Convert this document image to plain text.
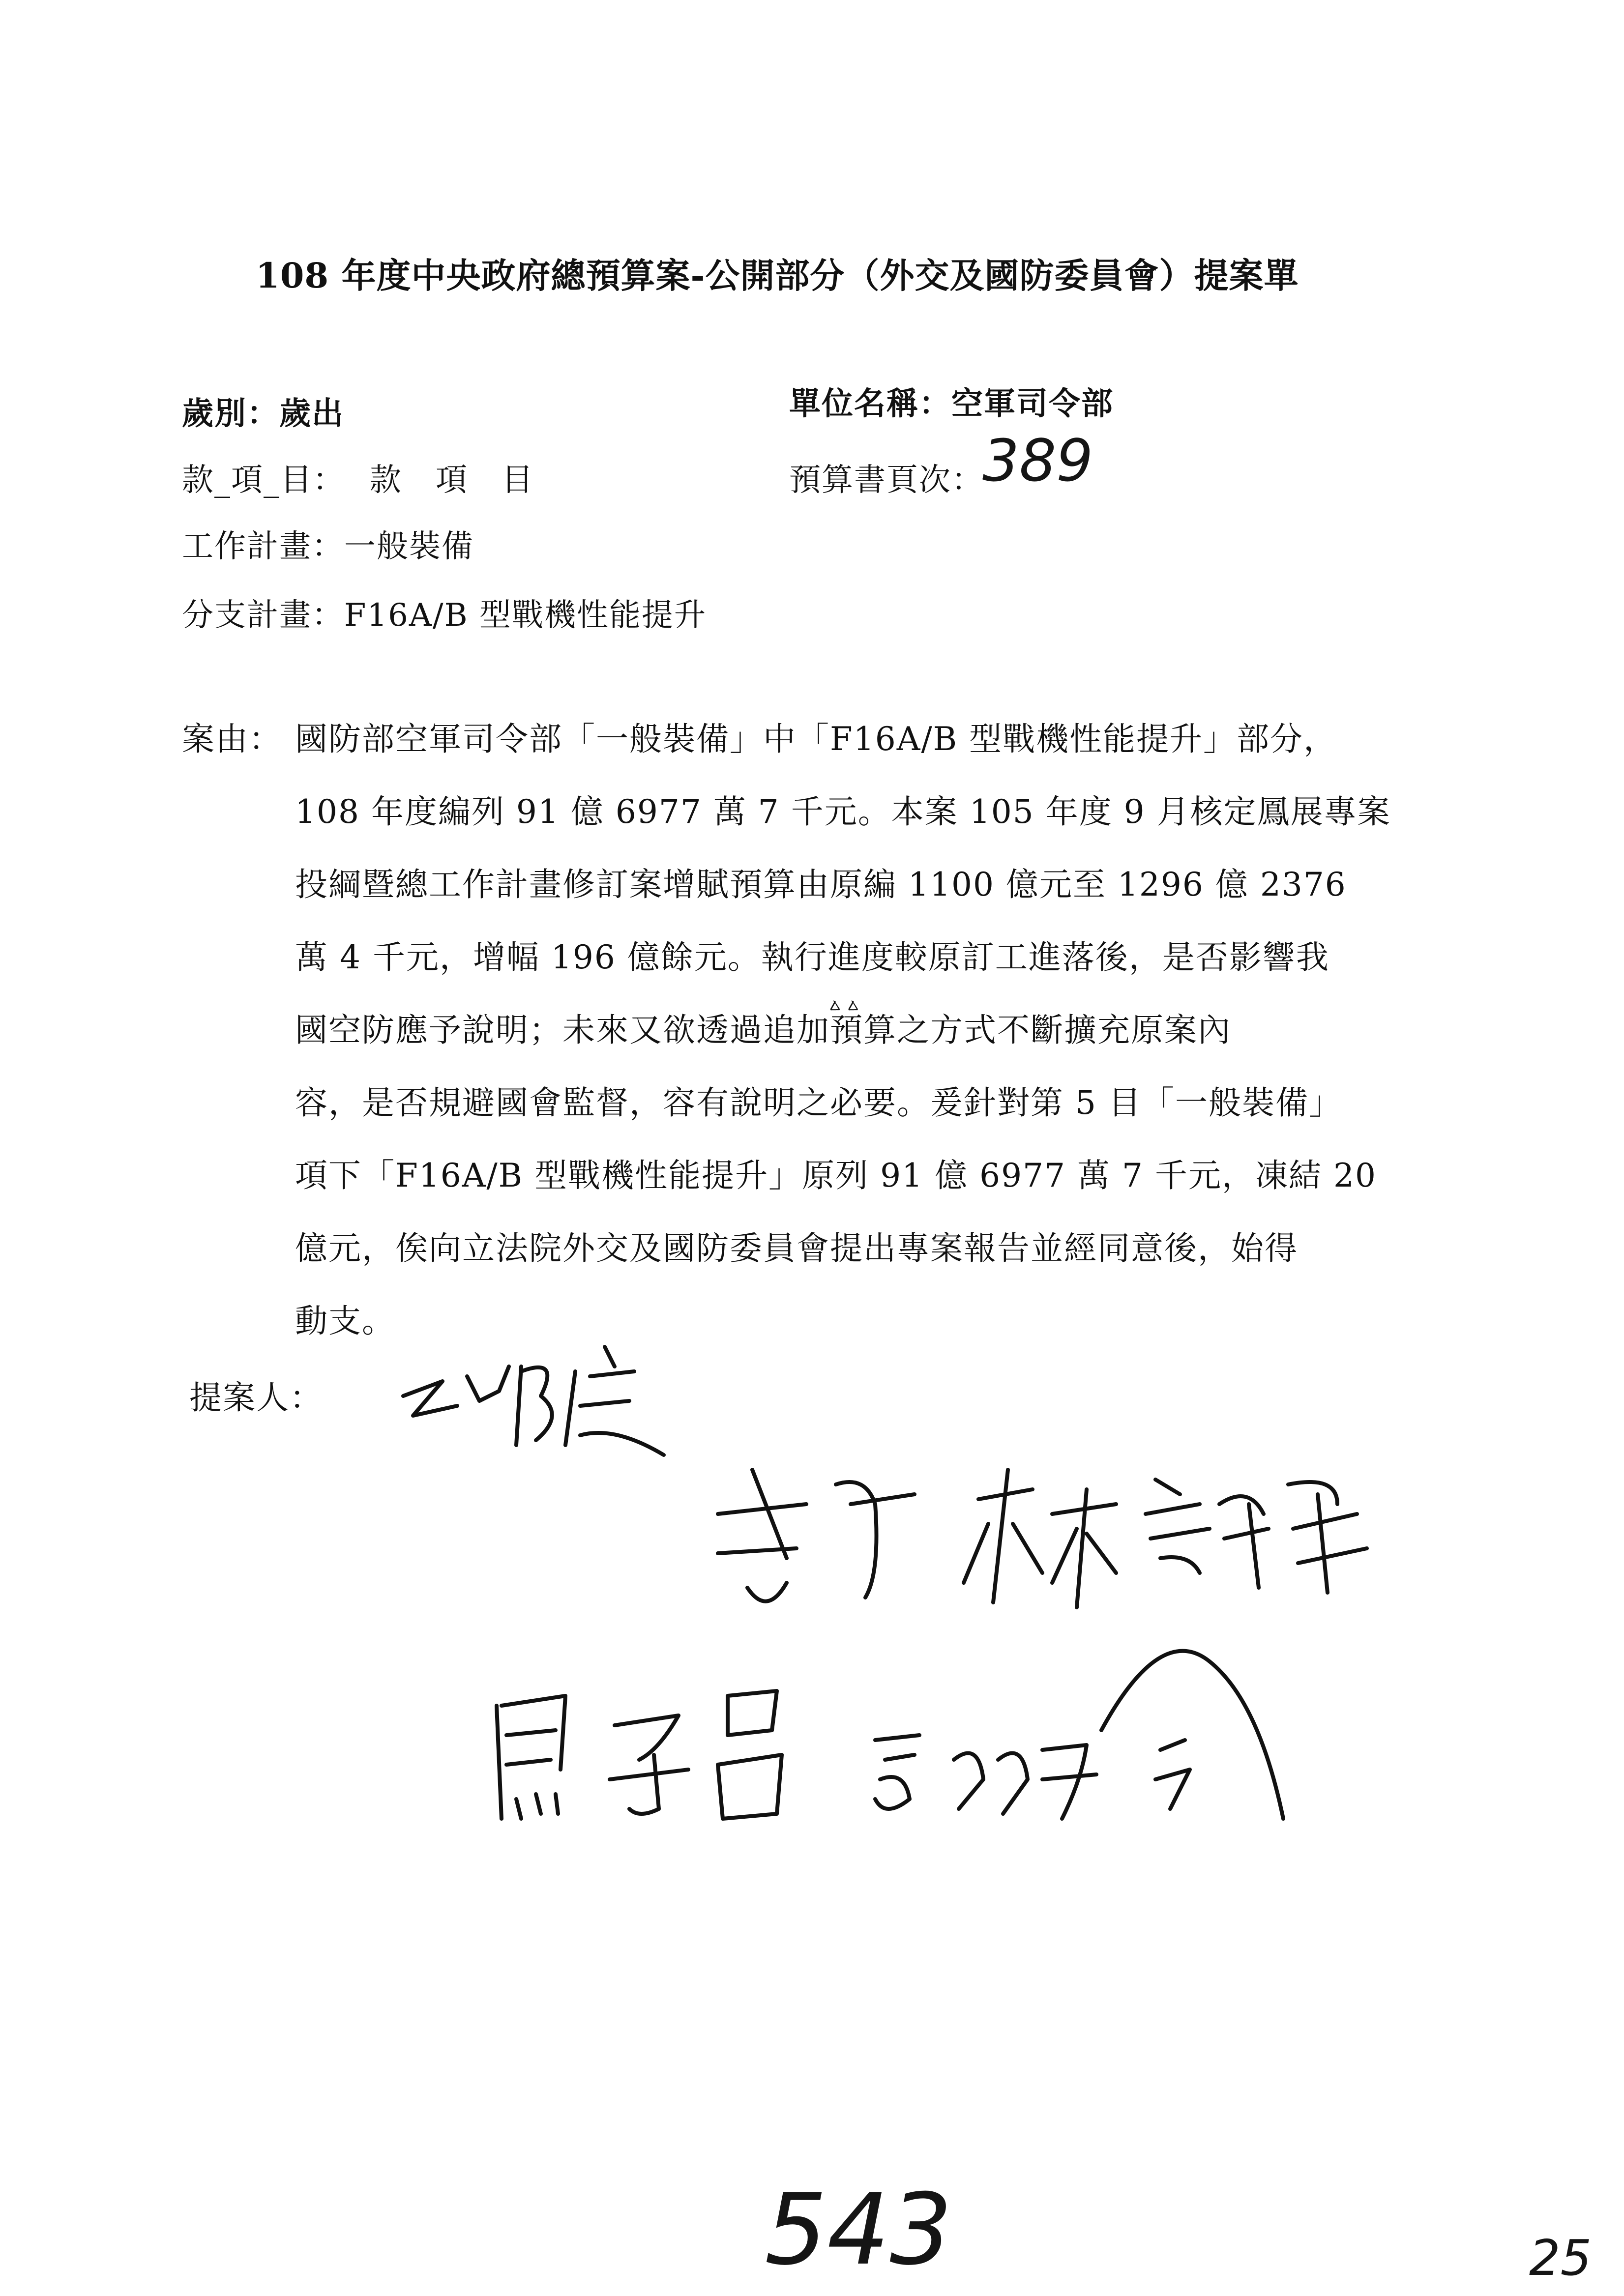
108 年度中央政府總預算案-公開部分（外交及國防委員會）提案單
歲別：歲出	單位名稱：空軍司令部
款_項_目： 款項目	預算書頁次：
389
工作計畫：一般裝備
分支計畫：F16A/B 型戰機性能提升
案由： 國防部空軍司令部「一般裝備」中「F16A/B 型戰機性能提升」部分，
108 年度編列 91 億 6977 萬 7 千元。本案 105 年度 9 月核定鳳展專案
投綱暨總工作計畫修訂案增賦預算由原編 1100 億元至 1296 億 2376
萬 4 千元，增幅 196 億餘元。執行進度較原訂工進落後，是否影響我
國空防應予說明；未來又欲透過追加預算之方式不斷擴充原案內
ㅿㅿ
容，是否規避國會監督，容有說明之必要。爰針對第 5 目「一般裝備」
項下「F16A/B 型戰機性能提升」原列 91 億 6977 萬 7 千元，凍結 20
億元，俟向立法院外交及國防委員會提出專案報告並經同意後，始得
動支。
提案人：
543	25
